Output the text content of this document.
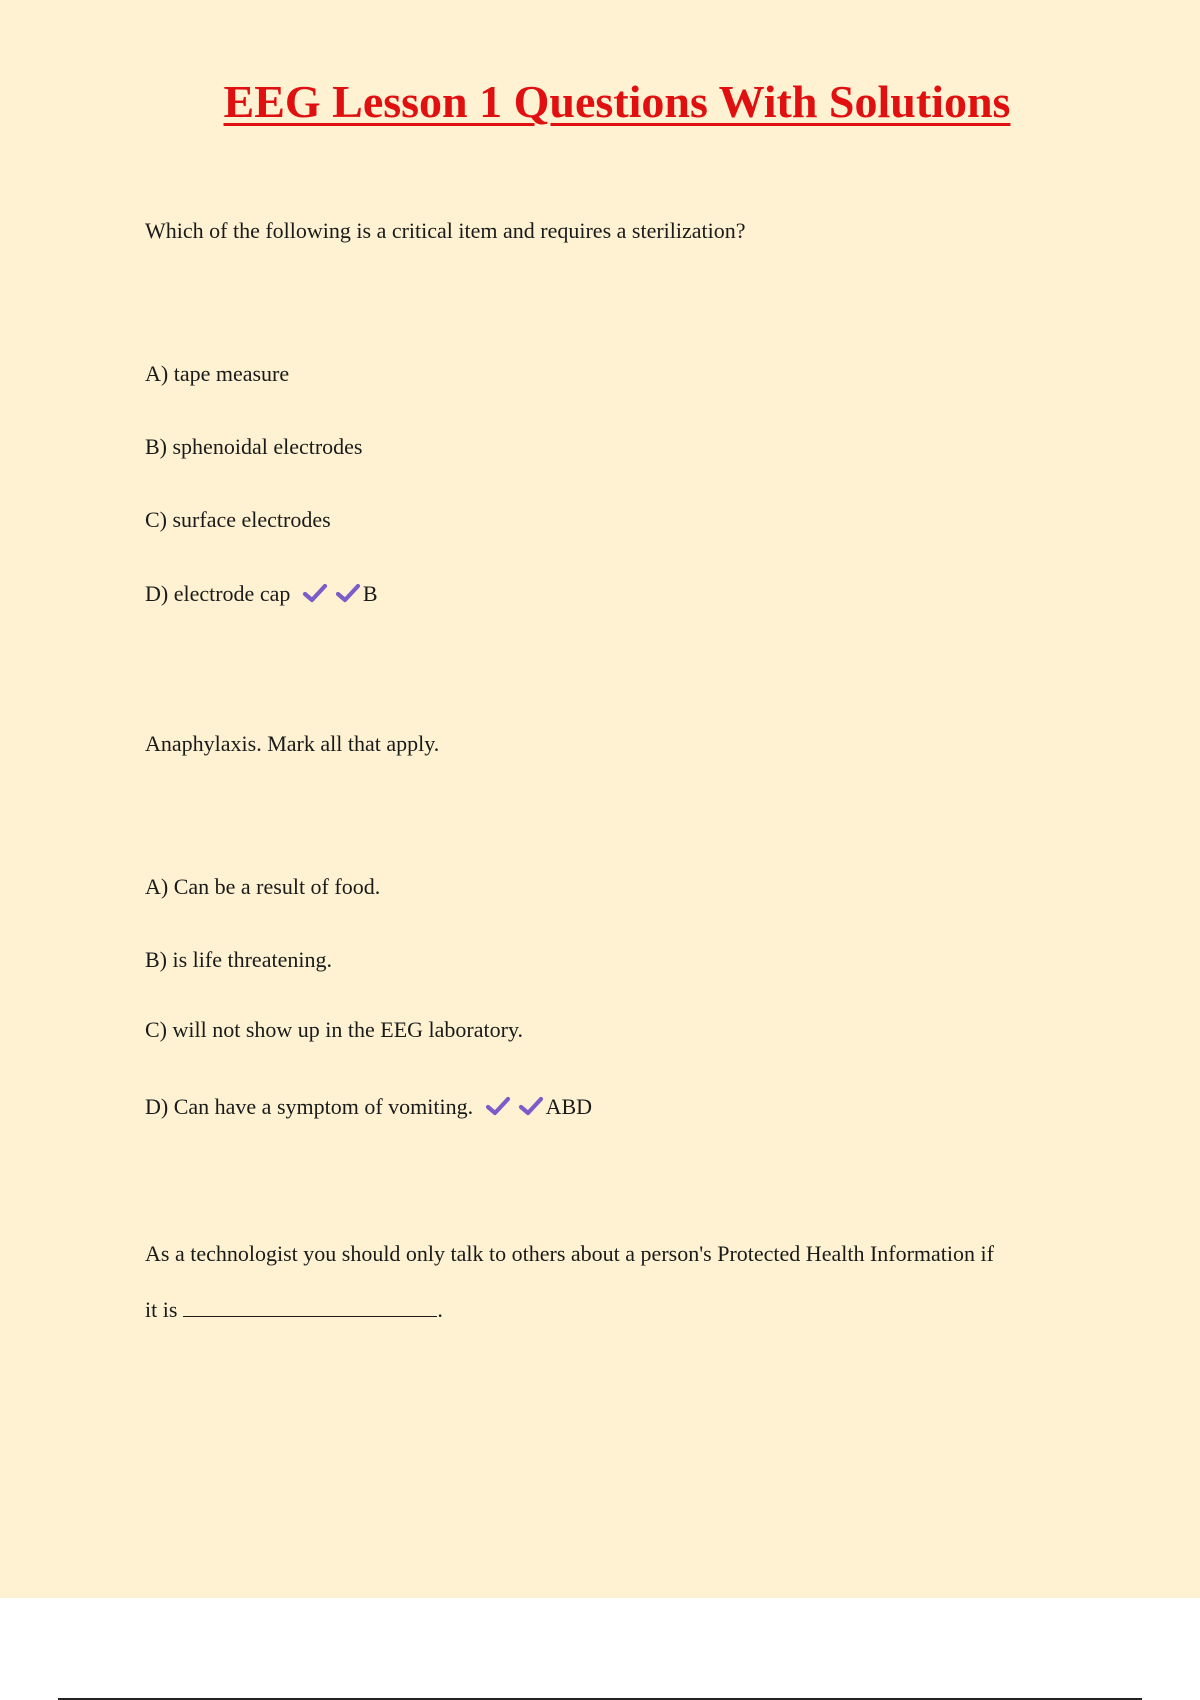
EEG Lesson 1 Questions With Solutions
Which of the following is a critical item and requires a sterilization?
A) tape measure
B) sphenoidal electrodes
C) surface electrodes
D) electrode cap	B
Anaphylaxis. Mark all that apply.
A) Can be a result of food.
B) is life threatening.
C) will not show up in the EEG laboratory.
D) Can have a symptom of vomiting.	ABD
As a technologist you should only talk to others about a person's Protected Health Information if
it is	.
